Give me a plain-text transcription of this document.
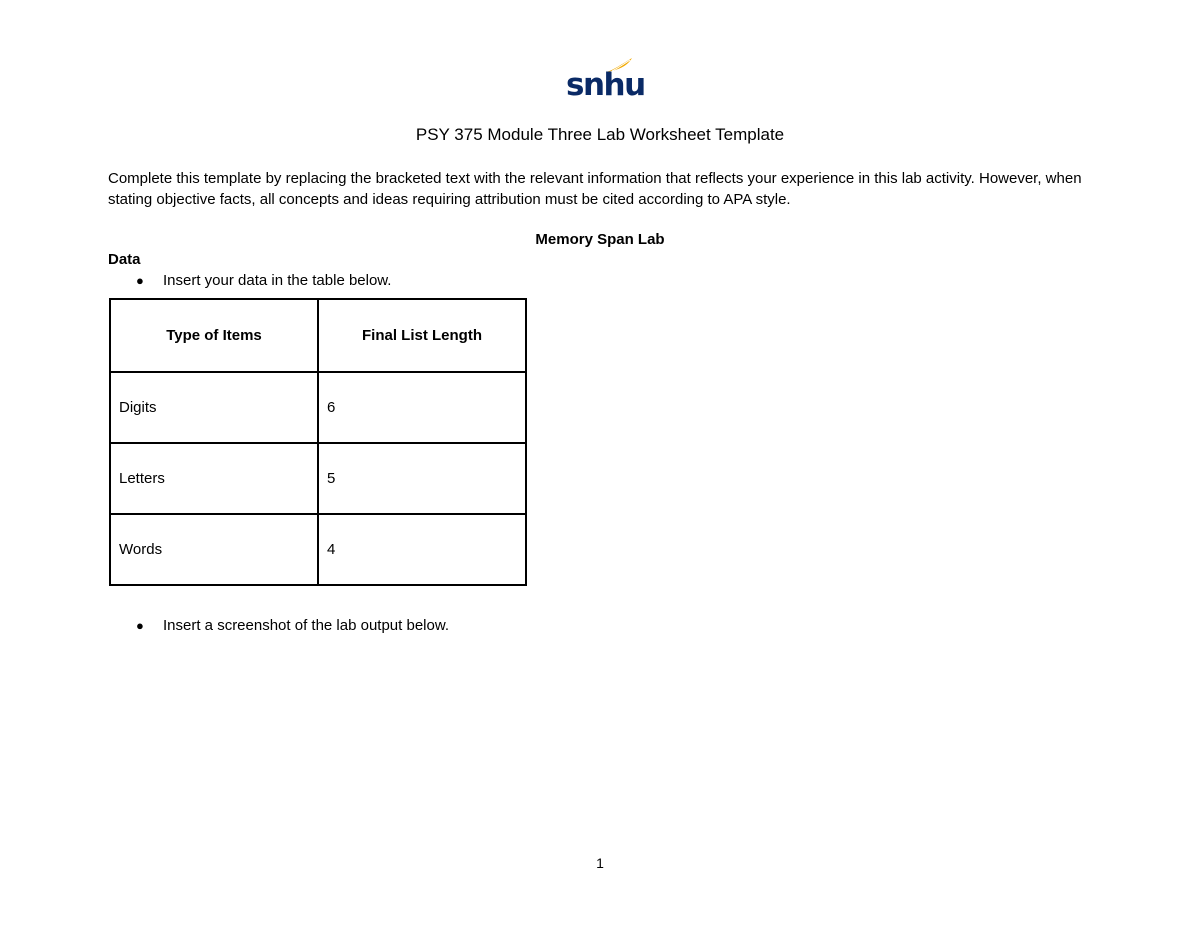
snhu
PSY 375 Module Three Lab Worksheet Template
Complete this template by replacing the bracketed text with the relevant information that reflects your experience in this lab activity. However, when stating objective facts, all concepts and ideas requiring attribution must be cited according to APA style.
Memory Span Lab
Data
● Insert your data in the table below.
Type of Items	Final List Length
Digits	6
Letters	5
Words	4
● Insert a screenshot of the lab output below.
1
